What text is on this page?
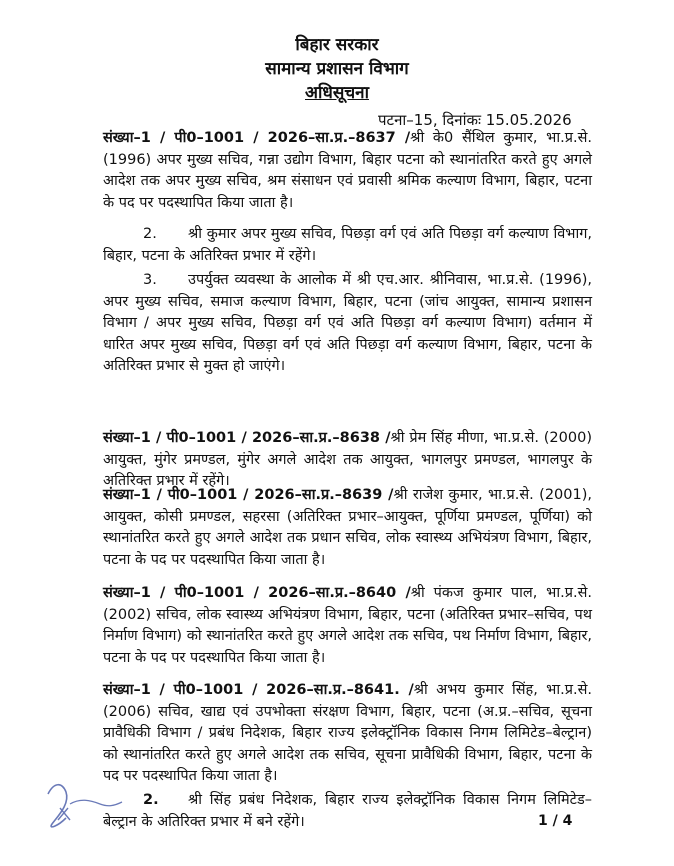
बिहार सरकार
सामान्य प्रशासन विभाग
अधिसूचना
पटना–15, दिनांकः 15.05.2026
संख्या–1 / पी0–1001 / 2026–सा.प्र.–8637 /श्री के0 सैंथिल कुमार, भा.प्र.से. (1996) अपर मुख्य सचिव, गन्ना उद्योग विभाग, बिहार पटना को स्थानांतरित करते हुए अगले आदेश तक अपर मुख्य सचिव, श्रम संसाधन एवं प्रवासी श्रमिक कल्याण विभाग, बिहार, पटना के पद पर पदस्थापित किया जाता है।
2. श्री कुमार अपर मुख्य सचिव, पिछड़ा वर्ग एवं अति पिछड़ा वर्ग कल्याण विभाग, बिहार, पटना के अतिरिक्त प्रभार में रहेंगे।
3. उपर्युक्त व्यवस्था के आलोक में श्री एच.आर. श्रीनिवास, भा.प्र.से. (1996), अपर मुख्य सचिव, समाज कल्याण विभाग, बिहार, पटना (जांच आयुक्त, सामान्य प्रशासन विभाग / अपर मुख्य सचिव, पिछड़ा वर्ग एवं अति पिछड़ा वर्ग कल्याण विभाग) वर्तमान में धारित अपर मुख्य सचिव, पिछड़ा वर्ग एवं अति पिछड़ा वर्ग कल्याण विभाग, बिहार, पटना के अतिरिक्त प्रभार से मुक्त हो जाएंगे।
संख्या–1 / पी0–1001 / 2026–सा.प्र.–8638 /श्री प्रेम सिंह मीणा, भा.प्र.से. (2000) आयुक्त, मुंगेर प्रमण्डल, मुंगेर अगले आदेश तक आयुक्त, भागलपुर प्रमण्डल, भागलपुर के अतिरिक्त प्रभार में रहेंगे।
संख्या–1 / पी0–1001 / 2026–सा.प्र.–8639 /श्री राजेश कुमार, भा.प्र.से. (2001), आयुक्त, कोसी प्रमण्डल, सहरसा (अतिरिक्त प्रभार–आयुक्त, पूर्णिया प्रमण्डल, पूर्णिया) को स्थानांतरित करते हुए अगले आदेश तक प्रधान सचिव, लोक स्वास्थ्य अभियंत्रण विभाग, बिहार, पटना के पद पर पदस्थापित किया जाता है।
संख्या–1 / पी0–1001 / 2026–सा.प्र.–8640 /श्री पंकज कुमार पाल, भा.प्र.से. (2002) सचिव, लोक स्वास्थ्य अभियंत्रण विभाग, बिहार, पटना (अतिरिक्त प्रभार–सचिव, पथ निर्माण विभाग) को स्थानांतरित करते हुए अगले आदेश तक सचिव, पथ निर्माण विभाग, बिहार, पटना के पद पर पदस्थापित किया जाता है।
संख्या–1 / पी0–1001 / 2026–सा.प्र.–8641. /श्री अभय कुमार सिंह, भा.प्र.से. (2006) सचिव, खाद्य एवं उपभोक्ता संरक्षण विभाग, बिहार, पटना (अ.प्र.–सचिव, सूचना प्रावैधिकी विभाग / प्रबंध निदेशक, बिहार राज्य इलेक्ट्रॉनिक विकास निगम लिमिटेड–बेल्ट्रान) को स्थानांतरित करते हुए अगले आदेश तक सचिव, सूचना प्रावैधिकी विभाग, बिहार, पटना के पद पर पदस्थापित किया जाता है।
2. श्री सिंह प्रबंध निदेशक, बिहार राज्य इलेक्ट्रॉनिक विकास निगम लिमिटेड–बेल्ट्रान के अतिरिक्त प्रभार में बने रहेंगे।	1 / 4
